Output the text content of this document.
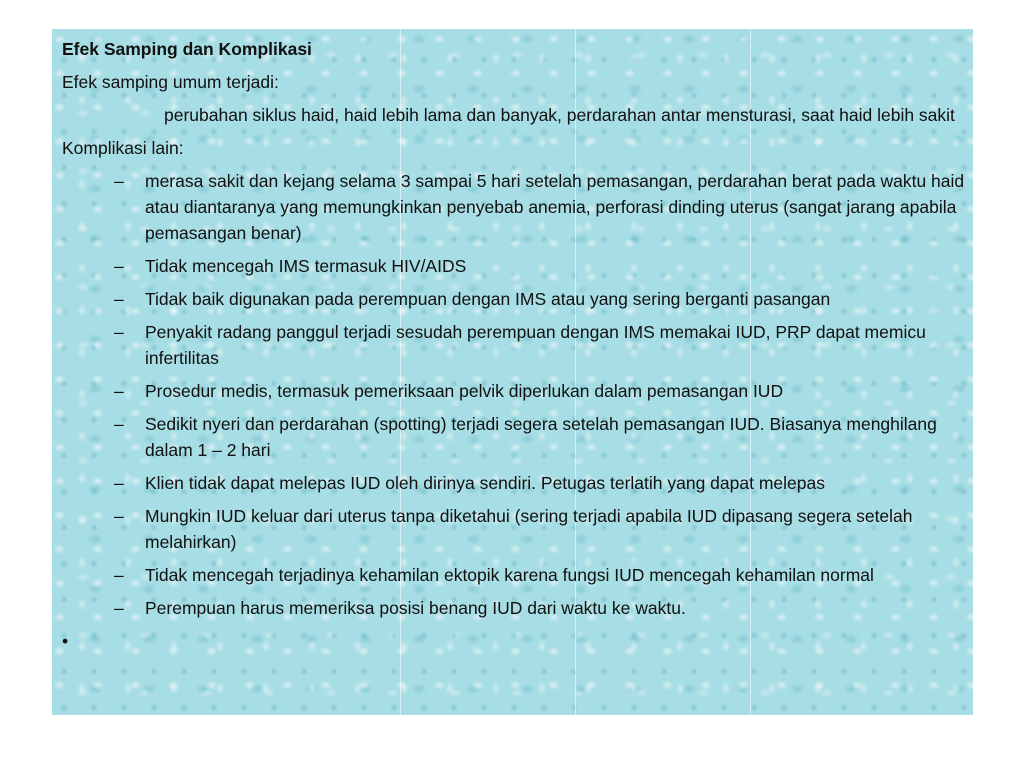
Efek Samping dan Komplikasi
Efek samping umum terjadi:
perubahan siklus haid, haid lebih lama dan banyak, perdarahan antar mensturasi, saat haid lebih sakit
Komplikasi lain:
– merasa sakit dan kejang selama 3 sampai 5 hari setelah pemasangan, perdarahan berat pada waktu haid atau diantaranya yang memungkinkan penyebab anemia, perforasi dinding uterus (sangat jarang apabila pemasangan benar)
– Tidak mencegah IMS termasuk HIV/AIDS
– Tidak baik digunakan pada perempuan dengan IMS atau yang sering berganti pasangan
– Penyakit radang panggul terjadi sesudah perempuan dengan IMS memakai IUD, PRP dapat memicu infertilitas
– Prosedur medis, termasuk pemeriksaan pelvik diperlukan dalam pemasangan IUD
– Sedikit nyeri dan perdarahan (spotting) terjadi segera setelah pemasangan IUD. Biasanya menghilang dalam 1 – 2 hari
– Klien tidak dapat melepas IUD oleh dirinya sendiri. Petugas terlatih yang dapat melepas
– Mungkin IUD keluar dari uterus tanpa diketahui (sering terjadi apabila IUD dipasang segera setelah melahirkan)
– Tidak mencegah terjadinya kehamilan ektopik karena fungsi IUD mencegah kehamilan normal
– Perempuan harus memeriksa posisi benang IUD dari waktu ke waktu.
•
